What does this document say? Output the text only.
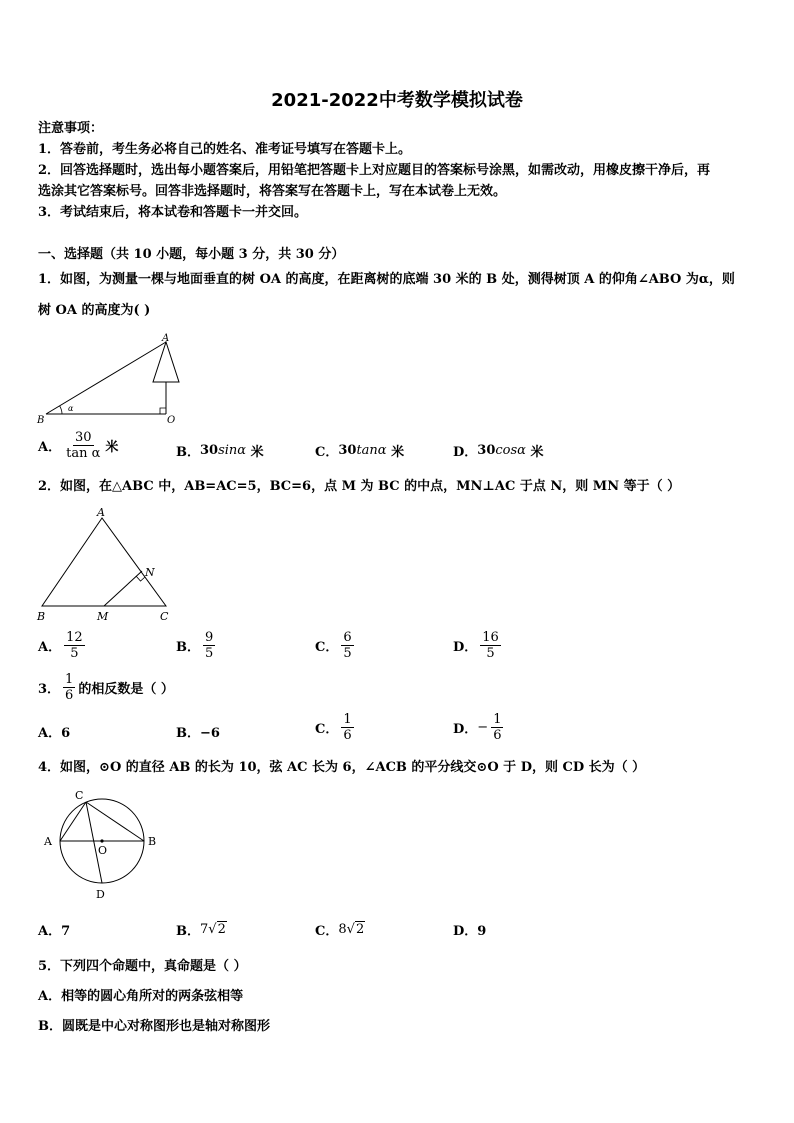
2021-2022中考数学模拟试卷
注意事项：
1．答卷前，考生务必将自己的姓名、准考证号填写在答题卡上。
2．回答选择题时，选出每小题答案后，用铅笔把答题卡上对应题目的答案标号涂黑，如需改动，用橡皮擦干净后，再
选涂其它答案标号。回答非选择题时，将答案写在答题卡上，写在本试卷上无效。
3．考试结束后，将本试卷和答题卡一并交回。
一、选择题（共 10 小题，每小题 3 分，共 30 分）
1．如图，为测量一棵与地面垂直的树 OA 的高度，在距离树的底端 30 米的 B 处，测得树顶 A 的仰角∠ABO 为α，则
树 OA 的高度为( )
α
A
B	O
A． $\frac{30}{\text{tan α}}$ 米	B． 30 sinα 米	C． 30 tanα 米	D． 30 cosα 米
2．如图，在△ABC 中，AB=AC=5，BC=6，点 M 为 BC 的中点，MN⊥AC 于点 N，则 MN 等于（ ）
A
B	C
M
N
A． $\frac{12}{5}$	B． $\frac{9}{5}$	C． $\frac{6}{5}$	D． $\frac{16}{5}$
3． $\frac{1}{6}$ 的相反数是（ ）
A．6	B．−6	C． $\frac{1}{6}$	D． − $\frac{1}{6}$
4．如图，⊙O 的直径 AB 的长为 10，弦 AC 长为 6，∠ACB 的平分线交⊙O 于 D，则 CD 长为（ ）
A	B
C
D
O
A．7	B． 7√2	C． 8√2	D．9
5．下列四个命题中，真命题是（ ）
A．相等的圆心角所对的两条弦相等
B．圆既是中心对称图形也是轴对称图形
